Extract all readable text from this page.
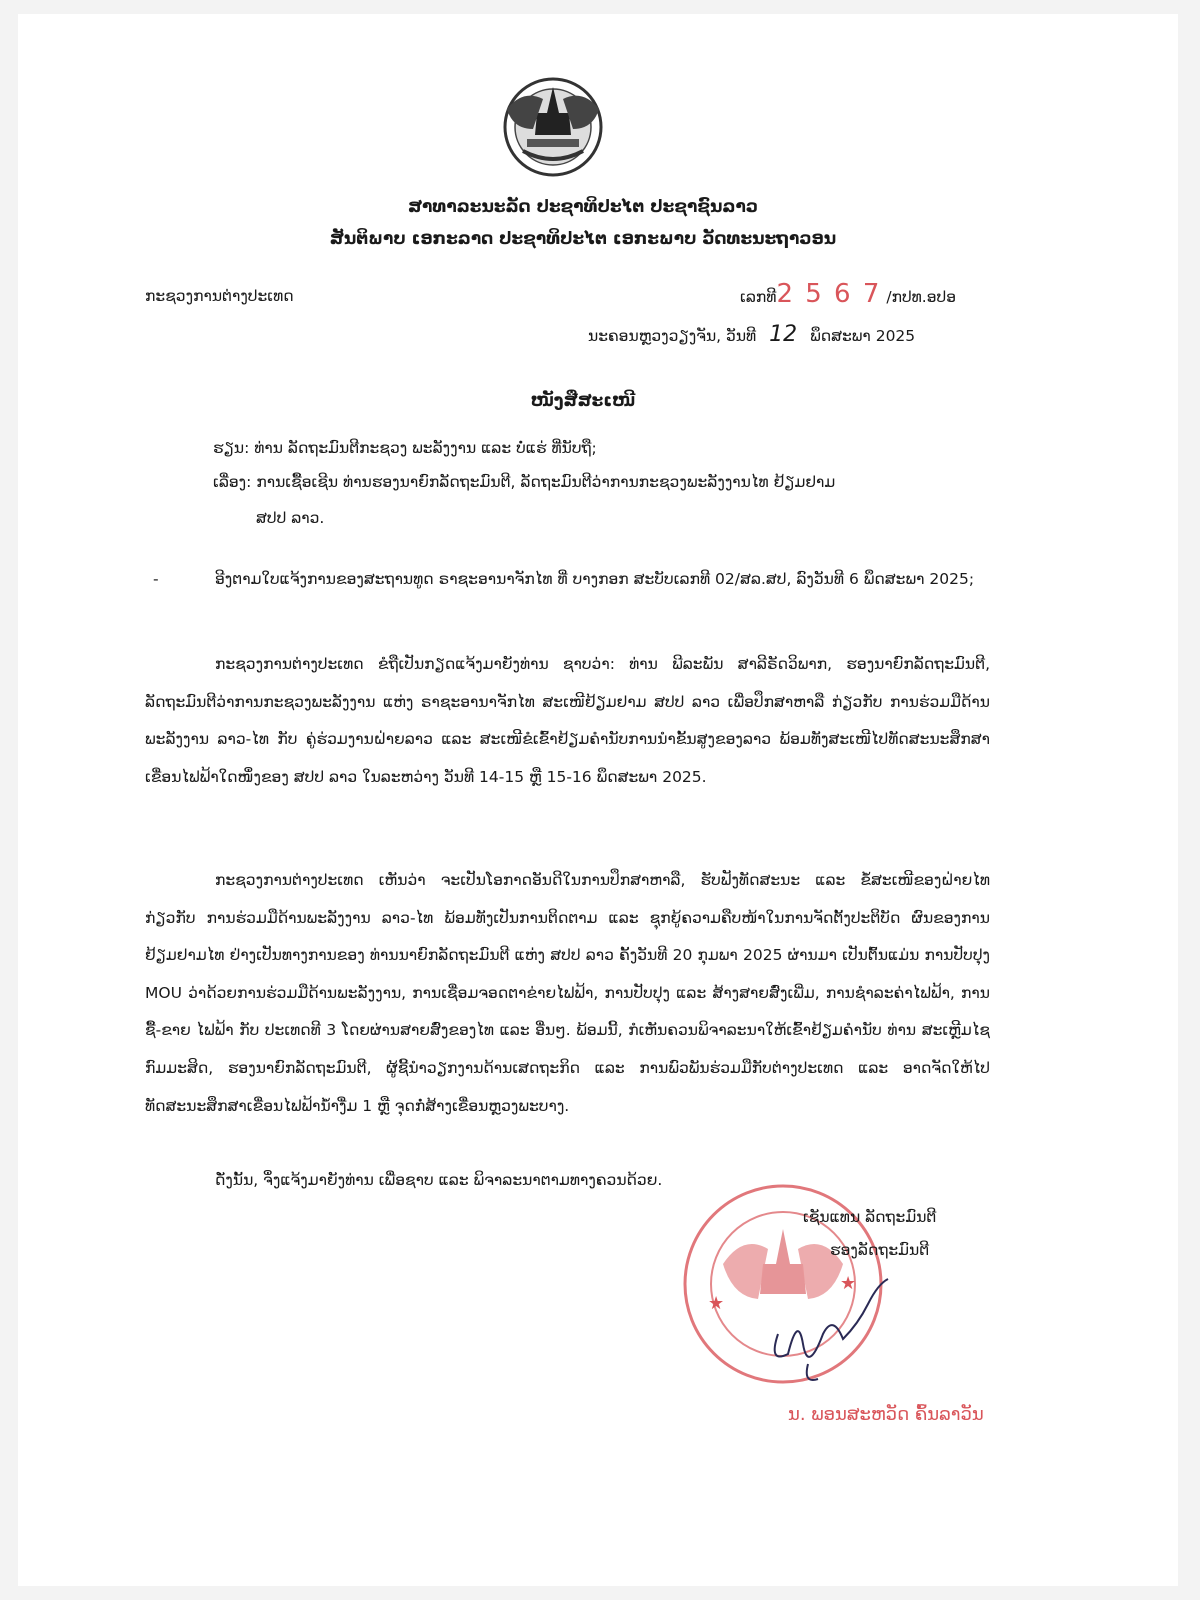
ສາທາລະນະລັດ ປະຊາທິປະໄຕ ປະຊາຊົນລາວ
ສັນຕິພາບ ເອກະລາດ ປະຊາທິປະໄຕ ເອກະພາບ ວັດທະນະຖາວອນ
ກະຊວງການຕ່າງປະເທດ	ເລກທີ2 5 6 7 /ກປທ.ອປອ
ນະຄອນຫຼວງວຽງຈັນ, ວັນທີ 12 ພຶດສະພາ 2025
ໜັງສືສະເໜີ
ຮຽນ: ທ່ານ ລັດຖະມົນຕີກະຊວງ ພະລັງງານ ແລະ ບໍ່ແຮ່ ທີ່ນັບຖື;
ເລື່ອງ: ການເຊື້ອເຊີນ ທ່ານຮອງນາຍົກລັດຖະມົນຕີ, ລັດຖະມົນຕີວ່າການກະຊວງພະລັງງານໄທ ຢ້ຽມຢາມ
ສປປ ລາວ.
-	ອີງຕາມໃບແຈ້ງການຂອງສະຖານທູດ ຣາຊະອານາຈັກໄທ ທີ່ ບາງກອກ ສະບັບເລກທີ 02/ສລ.ສປ, ລົງວັນທີ 6 ພຶດສະພາ 2025;
ກະຊວງການຕ່າງປະເທດ ຂໍຖືເປັນກຽດແຈ້ງມາຍັງທ່ານ ຊາບວ່າ: ທ່ານ ພີລະພັນ ສາລີຣັດວິພາກ, ຮອງນາຍົກລັດຖະມົນຕີ, ລັດຖະມົນຕີວ່າການກະຊວງພະລັງງານ ແຫ່ງ ຣາຊະອານາຈັກໄທ ສະເໜີຢ້ຽມຢາມ ສປປ ລາວ ເພື່ອປຶກສາຫາລື ກ່ຽວກັບ ການຮ່ວມມືດ້ານພະລັງງານ ລາວ-ໄທ ກັບ ຄູ່ຮ່ວມງານຝ່າຍລາວ ແລະ ສະເໜີຂໍເຂົ້າຢ້ຽມຄຳນັບການນຳຂັ້ນສູງຂອງລາວ ພ້ອມທັງສະເໜີໄປທັດສະນະສຶກສາເຂື່ອນໄຟຟ້າໃດໜຶ່ງຂອງ ສປປ ລາວ ໃນລະຫວ່າງ ວັນທີ 14-15 ຫຼື 15-16 ພຶດສະພາ 2025.
ກະຊວງການຕ່າງປະເທດ ເຫັນວ່າ ຈະເປັນໂອກາດອັນດີໃນການປຶກສາຫາລື, ຮັບຟັງທັດສະນະ ແລະ ຂໍ້ສະເໜີຂອງຝ່າຍໄທ ກ່ຽວກັບ ການຮ່ວມມືດ້ານພະລັງງານ ລາວ-ໄທ ພ້ອມທັງເປັນການຕິດຕາມ ແລະ ຊຸກຍູ້ຄວາມຄືບໜ້າໃນການຈັດຕັ້ງປະຕິບັດ ຜົນຂອງການຢ້ຽມຢາມໄທ ຢ່າງເປັນທາງການຂອງ ທ່ານນາຍົກລັດຖະມົນຕີ ແຫ່ງ ສປປ ລາວ ຄັ້ງວັນທີ 20 ກຸມພາ 2025 ຜ່ານມາ ເປັນຕົ້ນແມ່ນ ການປັບປຸງ MOU ວ່າດ້ວຍການຮ່ວມມືດ້ານພະລັງງານ, ການເຊື່ອມຈອດຕາຂ່າຍໄຟຟ້າ, ການປັບປຸງ ແລະ ສ້າງສາຍສົ່ງເພີ່ມ, ການຊຳລະຄ່າໄຟຟ້າ, ການຊື້-ຂາຍ ໄຟຟ້າ ກັບ ປະເທດທີ 3 ໂດຍຜ່ານສາຍສົ່ງຂອງໄທ ແລະ ອື່ນໆ. ພ້ອມນີ້, ກໍເຫັນຄວນພິຈາລະນາໃຫ້ເຂົ້າຢ້ຽມຄຳນັບ ທ່ານ ສະເຫຼີມໄຊ ກົມມະສິດ, ຮອງນາຍົກລັດຖະມົນຕີ, ຜູ້ຊີ້ນຳວຽກງານດ້ານເສດຖະກິດ ແລະ ການພົວພັນຮ່ວມມືກັບຕ່າງປະເທດ ແລະ ອາດຈັດໃຫ້ໄປທັດສະນະສຶກສາເຂື່ອນໄຟຟ້ານໍ້າງື່ມ 1 ຫຼື ຈຸດກໍ່ສ້າງເຂື່ອນຫຼວງພະບາງ.
ດັ່ງນັ້ນ, ຈຶ່ງແຈ້ງມາຍັງທ່ານ ເພື່ອຊາບ ແລະ ພິຈາລະນາຕາມທາງຄວນດ້ວຍ.
★
★
ເຊັນແທນ ລັດຖະມົນຕີ
ຮອງລັດຖະມົນຕີ
ນ. ພອນສະຫວັດ ຄົ້ນລາວັນ
